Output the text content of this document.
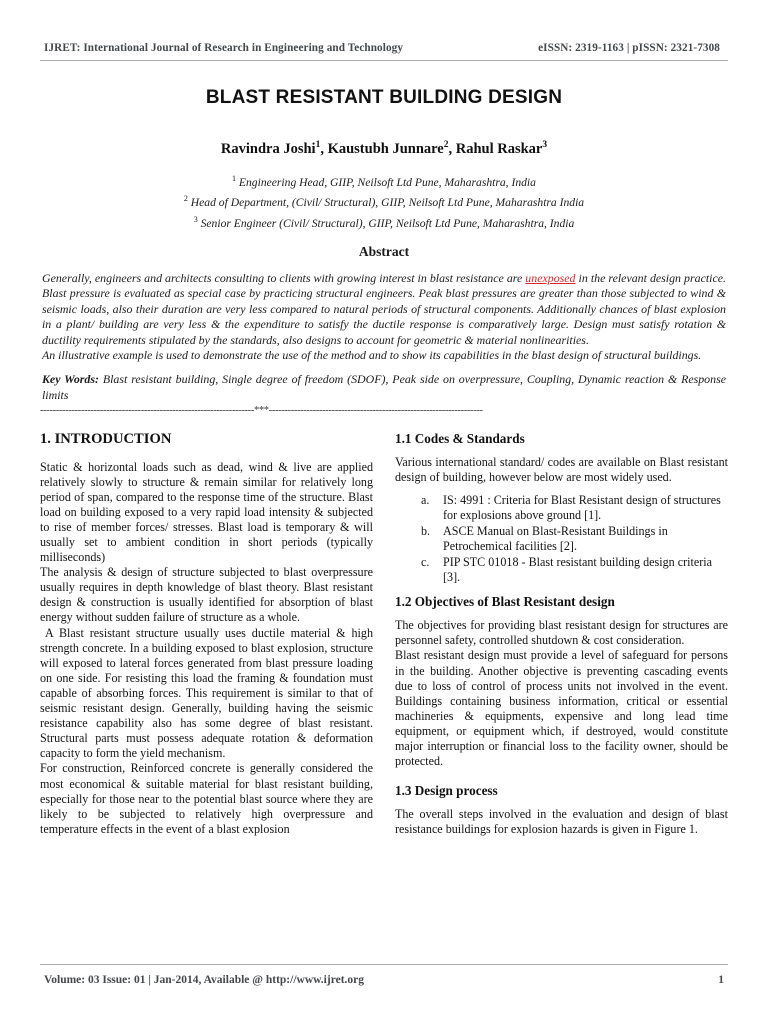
IJRET: International Journal of Research in Engineering and Technology	eISSN: 2319-1163 | pISSN: 2321-7308
BLAST RESISTANT BUILDING DESIGN
Ravindra Joshi$^1$, Kaustubh Junnare$^2$, Rahul Raskar$^3$
$^1$ Engineering Head, GIIP, Neilsoft Ltd Pune, Maharashtra, India
$^2$ Head of Department, (Civil/ Structural), GIIP, Neilsoft Ltd Pune, Maharashtra India
$^3$ Senior Engineer (Civil/ Structural), GIIP, Neilsoft Ltd Pune, Maharashtra, India
Abstract

Generally, engineers and architects consulting to clients with growing interest in blast resistance are unexposed in the relevant design practice. Blast pressure is evaluated as special case by practicing structural engineers. Peak blast pressures are greater than those subjected to wind & seismic loads, also their duration are very less compared to natural periods of structural components. Additionally chances of blast explosion in a plant/ building are very less & the expenditure to satisfy the ductile response is comparatively large. Design must satisfy rotation & ductility requirements stipulated by the standards, also designs to account for geometric & material nonlinearities.

An illustrative example is used to demonstrate the use of the method and to show its capabilities in the blast design of structural buildings.

Key Words: Blast resistant building, Single degree of freedom (SDOF), Peak side on overpressure, Coupling, Dynamic reaction & Response limits
--------------------------------------------------------------------***--------------------------------------------------------------------
1. INTRODUCTION

Static & horizontal loads such as dead, wind & live are applied relatively slowly to structure & remain similar for relatively long period of span, compared to the response time of the structure. Blast load on building exposed to a very rapid load intensity & subjected to rise of member forces/ stresses. Blast load is temporary & will usually set to ambient condition in short periods (typically milliseconds)

The analysis & design of structure subjected to blast overpressure usually requires in depth knowledge of blast theory. Blast resistant design & construction is usually identified for absorption of blast energy without sudden failure of structure as a whole.

A Blast resistant structure usually uses ductile material & high strength concrete. In a building exposed to blast explosion, structure will exposed to lateral forces generated from blast pressure loading on one side. For resisting this load the framing & foundation must capable of absorbing forces. This requirement is similar to that of seismic resistant design. Generally, building having the seismic resistance capability also has some degree of blast resistant. Structural parts must possess adequate rotation & deformation capacity to form the yield mechanism.

For construction, Reinforced concrete is generally considered the most economical & suitable material for blast resistant building, especially for those near to the potential blast source where they are likely to be subjected to relatively high overpressure and temperature effects in the event of a blast explosion

1.1 Codes & Standards

Various international standard/ codes are available on Blast resistant design of building, however below are most widely used.

IS: 4991 : Criteria for Blast Resistant design of structures for explosions above ground [1].
ASCE Manual on Blast-Resistant Buildings in Petrochemical facilities [2].
PIP STC 01018 - Blast resistant building design criteria [3].
1.2 Objectives of Blast Resistant design

The objectives for providing blast resistant design for structures are personnel safety, controlled shutdown & cost consideration.

Blast resistant design must provide a level of safeguard for persons in the building. Another objective is preventing cascading events due to loss of control of process units not involved in the event. Buildings containing business information, critical or essential machineries & equipments, expensive and long lead time equipment, or equipment which, if destroyed, would constitute major interruption or financial loss to the facility owner, should be protected.

1.3 Design process

The overall steps involved in the evaluation and design of blast resistance buildings for explosion hazards is given in Figure 1.

Volume: 03 Issue: 01 | Jan-2014, Available @ http://www.ijret.org	1
